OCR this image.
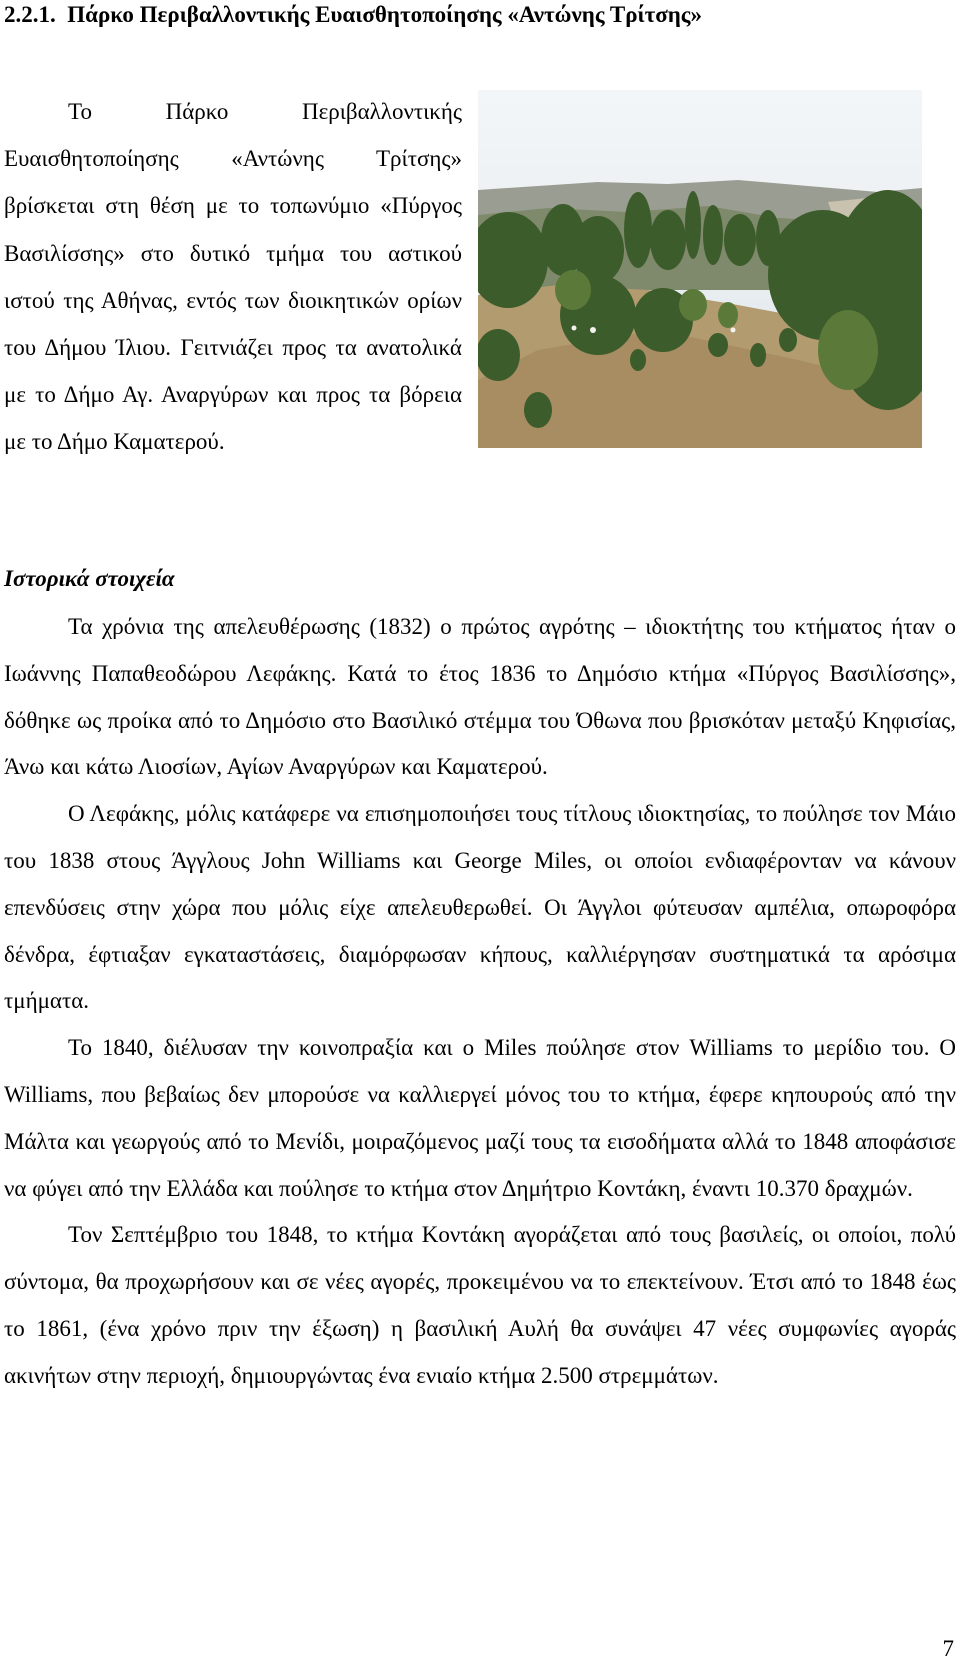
2.2.1. Πάρκο Περιβαλλοντικής Ευαισθητοποίησης «Αντώνης Τρίτσης»
Το Πάρκο Περιβαλλοντικής Ευαισθητοποίησης «Αντώνης Τρίτσης» βρίσκεται στη θέση με το τοπωνύμιο «Πύργος Βασιλίσσης» στο δυτικό τμήμα του αστικού ιστού της Αθήνας, εντός των διοικητικών ορίων του Δήμου Ίλιου. Γειτνιάζει προς τα ανατολικά με το Δήμο Αγ. Αναργύρων και προς τα βόρεια με το Δήμο Καματερού.
Ιστορικά στοιχεία

Τα χρόνια της απελευθέρωσης (1832) ο πρώτος αγρότης – ιδιοκτήτης του κτήματος ήταν ο Ιωάννης Παπαθεοδώρου Λεφάκης. Κατά το έτος 1836 το Δημόσιο κτήμα «Πύργος Βασιλίσσης», δόθηκε ως προίκα από το Δημόσιο στο Βασιλικό στέμμα του Όθωνα που βρισκόταν μεταξύ Κηφισίας, Άνω και κάτω Λιοσίων, Αγίων Αναργύρων και Καματερού.

Ο Λεφάκης, μόλις κατάφερε να επισημοποιήσει τους τίτλους ιδιοκτησίας, το πούλησε τον Μάιο του 1838 στους Άγγλους John Williams και George Miles, οι οποίοι ενδιαφέρονταν να κάνουν επενδύσεις στην χώρα που μόλις είχε απελευθερωθεί. Οι Άγγλοι φύτευσαν αμπέλια, οπωροφόρα δένδρα, έφτιαξαν εγκαταστάσεις, διαμόρφωσαν κήπους, καλλιέργησαν συστηματικά τα αρόσιμα τμήματα.

Το 1840, διέλυσαν την κοινοπραξία και ο Miles πούλησε στον Williams το μερίδιο του. Ο Williams, που βεβαίως δεν μπορούσε να καλλιεργεί μόνος του το κτήμα, έφερε κηπουρούς από την Μάλτα και γεωργούς από το Μενίδι, μοιραζόμενος μαζί τους τα εισοδήματα αλλά το 1848 αποφάσισε να φύγει από την Ελλάδα και πούλησε το κτήμα στον Δημήτριο Κοντάκη, έναντι 10.370 δραχμών.

Τον Σεπτέμβριο του 1848, το κτήμα Κοντάκη αγοράζεται από τους βασιλείς, οι οποίοι, πολύ σύντομα, θα προχωρήσουν και σε νέες αγορές, προκειμένου να το επεκτείνουν. Έτσι από το 1848 έως το 1861, (ένα χρόνο πριν την έξωση) η βασιλική Αυλή θα συνάψει 47 νέες συμφωνίες αγοράς ακινήτων στην περιοχή, δημιουργώντας ένα ενιαίο κτήμα 2.500 στρεμμάτων.

7
